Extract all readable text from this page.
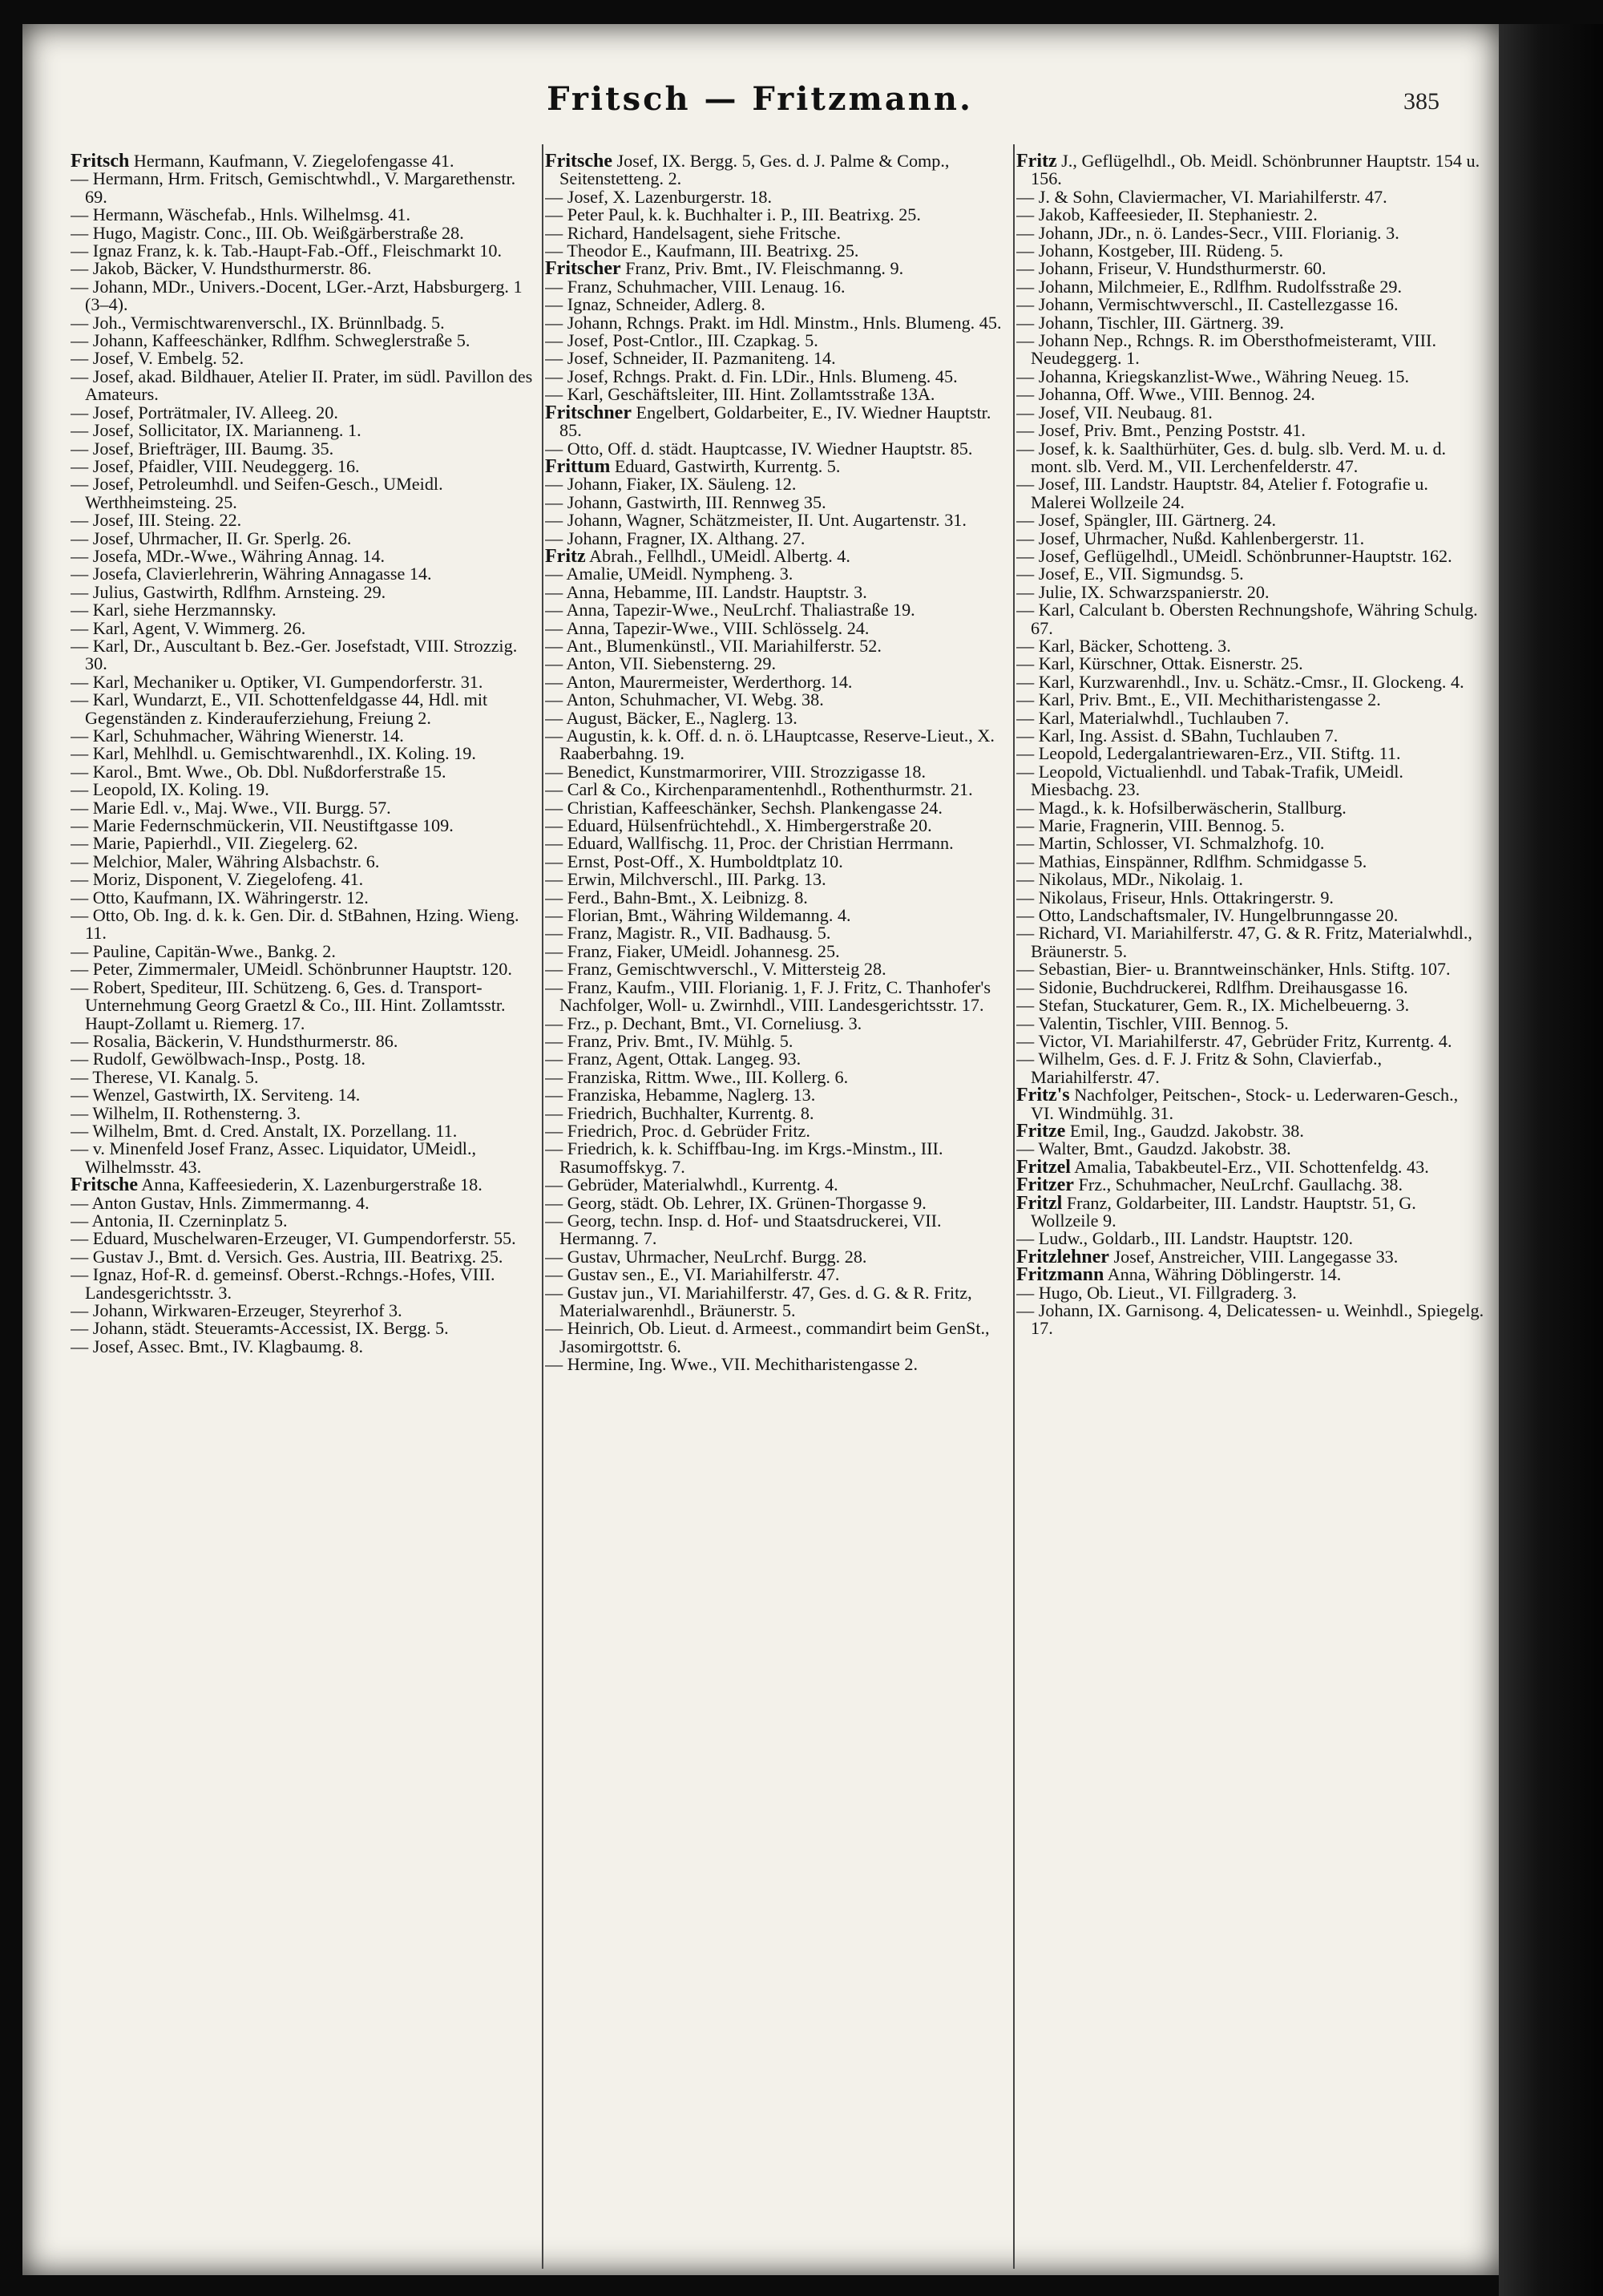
Fritsch — Fritzmann.	385

Fritsch Hermann, Kaufmann, V. Ziegelofengasse 41.

— Hermann, Hrm. Fritsch, Gemischtwhdl., V. Margarethenstr. 69.

— Hermann, Wäschefab., Hnls. Wilhelmsg. 41.

— Hugo, Magistr. Conc., III. Ob. Weißgärberstraße 28.

— Ignaz Franz, k. k. Tab.-Haupt-Fab.-Off., Fleischmarkt 10.

— Jakob, Bäcker, V. Hundsthurmerstr. 86.

— Johann, MDr., Univers.-Docent, LGer.-Arzt, Habsburgerg. 1 (3–4).

— Joh., Vermischtwarenverschl., IX. Brünnlbadg. 5.

— Johann, Kaffeeschänker, Rdlfhm. Schweglerstraße 5.

— Josef, V. Embelg. 52.

— Josef, akad. Bildhauer, Atelier II. Prater, im südl. Pavillon des Amateurs.

— Josef, Porträtmaler, IV. Alleeg. 20.

— Josef, Sollicitator, IX. Marianneng. 1.

— Josef, Briefträger, III. Baumg. 35.

— Josef, Pfaidler, VIII. Neudeggerg. 16.

— Josef, Petroleumhdl. und Seifen-Gesch., UMeidl. Werthheimsteing. 25.

— Josef, III. Steing. 22.

— Josef, Uhrmacher, II. Gr. Sperlg. 26.

— Josefa, MDr.-Wwe., Währing Annag. 14.

— Josefa, Clavierlehrerin, Währing Annagasse 14.

— Julius, Gastwirth, Rdlfhm. Arnsteing. 29.

— Karl, siehe Herzmannsky.

— Karl, Agent, V. Wimmerg. 26.

— Karl, Dr., Auscultant b. Bez.-Ger. Josefstadt, VIII. Strozzig. 30.

— Karl, Mechaniker u. Optiker, VI. Gumpendorferstr. 31.

— Karl, Wundarzt, E., VII. Schottenfeldgasse 44, Hdl. mit Gegenständen z. Kinderauferziehung, Freiung 2.

— Karl, Schuhmacher, Währing Wienerstr. 14.

— Karl, Mehlhdl. u. Gemischtwarenhdl., IX. Koling. 19.

— Karol., Bmt. Wwe., Ob. Dbl. Nußdorferstraße 15.

— Leopold, IX. Koling. 19.

— Marie Edl. v., Maj. Wwe., VII. Burgg. 57.

— Marie Federnschmückerin, VII. Neustiftgasse 109.

— Marie, Papierhdl., VII. Ziegelerg. 62.

— Melchior, Maler, Währing Alsbachstr. 6.

— Moriz, Disponent, V. Ziegelofeng. 41.

— Otto, Kaufmann, IX. Währingerstr. 12.

— Otto, Ob. Ing. d. k. k. Gen. Dir. d. StBahnen, Hzing. Wieng. 11.

— Pauline, Capitän-Wwe., Bankg. 2.

— Peter, Zimmermaler, UMeidl. Schönbrunner Hauptstr. 120.

— Robert, Spediteur, III. Schützeng. 6, Ges. d. Transport-Unternehmung Georg Graetzl & Co., III. Hint. Zollamtsstr. Haupt-Zollamt u. Riemerg. 17.

— Rosalia, Bäckerin, V. Hundsthurmerstr. 86.

— Rudolf, Gewölbwach-Insp., Postg. 18.

— Therese, VI. Kanalg. 5.

— Wenzel, Gastwirth, IX. Serviteng. 14.

— Wilhelm, II. Rothensterng. 3.

— Wilhelm, Bmt. d. Cred. Anstalt, IX. Porzellang. 11.

— v. Minenfeld Josef Franz, Assec. Liquidator, UMeidl., Wilhelmsstr. 43.

Fritsche Anna, Kaffeesiederin, X. Lazenburgerstraße 18.

— Anton Gustav, Hnls. Zimmermanng. 4.

— Antonia, II. Czerninplatz 5.

— Eduard, Muschelwaren-Erzeuger, VI. Gumpendorferstr. 55.

— Gustav J., Bmt. d. Versich. Ges. Austria, III. Beatrixg. 25.

— Ignaz, Hof-R. d. gemeinsf. Oberst.-Rchngs.-Hofes, VIII. Landesgerichtsstr. 3.

— Johann, Wirkwaren-Erzeuger, Steyrerhof 3.

— Johann, städt. Steueramts-Accessist, IX. Bergg. 5.

— Josef, Assec. Bmt., IV. Klagbaumg. 8.

Fritsche Josef, IX. Bergg. 5, Ges. d. J. Palme & Comp., Seitenstetteng. 2.

— Josef, X. Lazenburgerstr. 18.

— Peter Paul, k. k. Buchhalter i. P., III. Beatrixg. 25.

— Richard, Handelsagent, siehe Fritsche.

— Theodor E., Kaufmann, III. Beatrixg. 25.

Fritscher Franz, Priv. Bmt., IV. Fleischmanng. 9.

— Franz, Schuhmacher, VIII. Lenaug. 16.

— Ignaz, Schneider, Adlerg. 8.

— Johann, Rchngs. Prakt. im Hdl. Minstm., Hnls. Blumeng. 45.

— Josef, Post-Cntlor., III. Czapkag. 5.

— Josef, Schneider, II. Pazmaniteng. 14.

— Josef, Rchngs. Prakt. d. Fin. LDir., Hnls. Blumeng. 45.

— Karl, Geschäftsleiter, III. Hint. Zollamtsstraße 13A.

Fritschner Engelbert, Goldarbeiter, E., IV. Wiedner Hauptstr. 85.

— Otto, Off. d. städt. Hauptcasse, IV. Wiedner Hauptstr. 85.

Frittum Eduard, Gastwirth, Kurrentg. 5.

— Johann, Fiaker, IX. Säuleng. 12.

— Johann, Gastwirth, III. Rennweg 35.

— Johann, Wagner, Schätzmeister, II. Unt. Augartenstr. 31.

— Johann, Fragner, IX. Althang. 27.

Fritz Abrah., Fellhdl., UMeidl. Albertg. 4.

— Amalie, UMeidl. Nympheng. 3.

— Anna, Hebamme, III. Landstr. Hauptstr. 3.

— Anna, Tapezir-Wwe., NeuLrchf. Thaliastraße 19.

— Anna, Tapezir-Wwe., VIII. Schlösselg. 24.

— Ant., Blumenkünstl., VII. Mariahilferstr. 52.

— Anton, VII. Siebensterng. 29.

— Anton, Maurermeister, Werderthorg. 14.

— Anton, Schuhmacher, VI. Webg. 38.

— August, Bäcker, E., Naglerg. 13.

— Augustin, k. k. Off. d. n. ö. LHauptcasse, Reserve-Lieut., X. Raaberbahng. 19.

— Benedict, Kunstmarmorirer, VIII. Strozzigasse 18.

— Carl & Co., Kirchenparamentenhdl., Rothenthurmstr. 21.

— Christian, Kaffeeschänker, Sechsh. Plankengasse 24.

— Eduard, Hülsenfrüchtehdl., X. Himbergerstraße 20.

— Eduard, Wallfischg. 11, Proc. der Christian Herrmann.

— Ernst, Post-Off., X. Humboldtplatz 10.

— Erwin, Milchverschl., III. Parkg. 13.

— Ferd., Bahn-Bmt., X. Leibnizg. 8.

— Florian, Bmt., Währing Wildemanng. 4.

— Franz, Magistr. R., VII. Badhausg. 5.

— Franz, Fiaker, UMeidl. Johannesg. 25.

— Franz, Gemischtwverschl., V. Mittersteig 28.

— Franz, Kaufm., VIII. Florianig. 1, F. J. Fritz, C. Thanhofer's Nachfolger, Woll- u. Zwirnhdl., VIII. Landesgerichtsstr. 17.

— Frz., p. Dechant, Bmt., VI. Corneliusg. 3.

— Franz, Priv. Bmt., IV. Mühlg. 5.

— Franz, Agent, Ottak. Langeg. 93.

— Franziska, Rittm. Wwe., III. Kollerg. 6.

— Franziska, Hebamme, Naglerg. 13.

— Friedrich, Buchhalter, Kurrentg. 8.

— Friedrich, Proc. d. Gebrüder Fritz.

— Friedrich, k. k. Schiffbau-Ing. im Krgs.-Minstm., III. Rasumoffskyg. 7.

— Gebrüder, Materialwhdl., Kurrentg. 4.

— Georg, städt. Ob. Lehrer, IX. Grünen-Thorgasse 9.

— Georg, techn. Insp. d. Hof- und Staatsdruckerei, VII. Hermanng. 7.

— Gustav, Uhrmacher, NeuLrchf. Burgg. 28.

— Gustav sen., E., VI. Mariahilferstr. 47.

— Gustav jun., VI. Mariahilferstr. 47, Ges. d. G. & R. Fritz, Materialwarenhdl., Bräunerstr. 5.

— Heinrich, Ob. Lieut. d. Armeest., commandirt beim GenSt., Jasomirgottstr. 6.

— Hermine, Ing. Wwe., VII. Mechitharistengasse 2.

Fritz J., Geflügelhdl., Ob. Meidl. Schönbrunner Hauptstr. 154 u. 156.

— J. & Sohn, Claviermacher, VI. Mariahilferstr. 47.

— Jakob, Kaffeesieder, II. Stephaniestr. 2.

— Johann, JDr., n. ö. Landes-Secr., VIII. Florianig. 3.

— Johann, Kostgeber, III. Rüdeng. 5.

— Johann, Friseur, V. Hundsthurmerstr. 60.

— Johann, Milchmeier, E., Rdlfhm. Rudolfsstraße 29.

— Johann, Vermischtwverschl., II. Castellezgasse 16.

— Johann, Tischler, III. Gärtnerg. 39.

— Johann Nep., Rchngs. R. im Obersthofmeisteramt, VIII. Neudeggerg. 1.

— Johanna, Kriegskanzlist-Wwe., Währing Neueg. 15.

— Johanna, Off. Wwe., VIII. Bennog. 24.

— Josef, VII. Neubaug. 81.

— Josef, Priv. Bmt., Penzing Poststr. 41.

— Josef, k. k. Saalthürhüter, Ges. d. bulg. slb. Verd. M. u. d. mont. slb. Verd. M., VII. Lerchenfelderstr. 47.

— Josef, III. Landstr. Hauptstr. 84, Atelier f. Fotografie u. Malerei Wollzeile 24.

— Josef, Spängler, III. Gärtnerg. 24.

— Josef, Uhrmacher, Nußd. Kahlenbergerstr. 11.

— Josef, Geflügelhdl., UMeidl. Schönbrunner-Hauptstr. 162.

— Josef, E., VII. Sigmundsg. 5.

— Julie, IX. Schwarzspanierstr. 20.

— Karl, Calculant b. Obersten Rechnungshofe, Währing Schulg. 67.

— Karl, Bäcker, Schotteng. 3.

— Karl, Kürschner, Ottak. Eisnerstr. 25.

— Karl, Kurzwarenhdl., Inv. u. Schätz.-Cmsr., II. Glockeng. 4.

— Karl, Priv. Bmt., E., VII. Mechitharistengasse 2.

— Karl, Materialwhdl., Tuchlauben 7.

— Karl, Ing. Assist. d. SBahn, Tuchlauben 7.

— Leopold, Ledergalantriewaren-Erz., VII. Stiftg. 11.

— Leopold, Victualienhdl. und Tabak-Trafik, UMeidl. Miesbachg. 23.

— Magd., k. k. Hofsilberwäscherin, Stallburg.

— Marie, Fragnerin, VIII. Bennog. 5.

— Martin, Schlosser, VI. Schmalzhofg. 10.

— Mathias, Einspänner, Rdlfhm. Schmidgasse 5.

— Nikolaus, MDr., Nikolaig. 1.

— Nikolaus, Friseur, Hnls. Ottakringerstr. 9.

— Otto, Landschaftsmaler, IV. Hungelbrunngasse 20.

— Richard, VI. Mariahilferstr. 47, G. & R. Fritz, Materialwhdl., Bräunerstr. 5.

— Sebastian, Bier- u. Branntweinschänker, Hnls. Stiftg. 107.

— Sidonie, Buchdruckerei, Rdlfhm. Dreihausgasse 16.

— Stefan, Stuckaturer, Gem. R., IX. Michelbeuerng. 3.

— Valentin, Tischler, VIII. Bennog. 5.

— Victor, VI. Mariahilferstr. 47, Gebrüder Fritz, Kurrentg. 4.

— Wilhelm, Ges. d. F. J. Fritz & Sohn, Clavierfab., Mariahilferstr. 47.

Fritz's Nachfolger, Peitschen-, Stock- u. Lederwaren-Gesch., VI. Windmühlg. 31.

Fritze Emil, Ing., Gaudzd. Jakobstr. 38.

— Walter, Bmt., Gaudzd. Jakobstr. 38.

Fritzel Amalia, Tabakbeutel-Erz., VII. Schottenfeldg. 43.

Fritzer Frz., Schuhmacher, NeuLrchf. Gaullachg. 38.

Fritzl Franz, Goldarbeiter, III. Landstr. Hauptstr. 51, G. Wollzeile 9.

— Ludw., Goldarb., III. Landstr. Hauptstr. 120.

Fritzlehner Josef, Anstreicher, VIII. Langegasse 33.

Fritzmann Anna, Währing Döblingerstr. 14.

— Hugo, Ob. Lieut., VI. Fillgraderg. 3.

— Johann, IX. Garnisong. 4, Delicatessen- u. Weinhdl., Spiegelg. 17.
